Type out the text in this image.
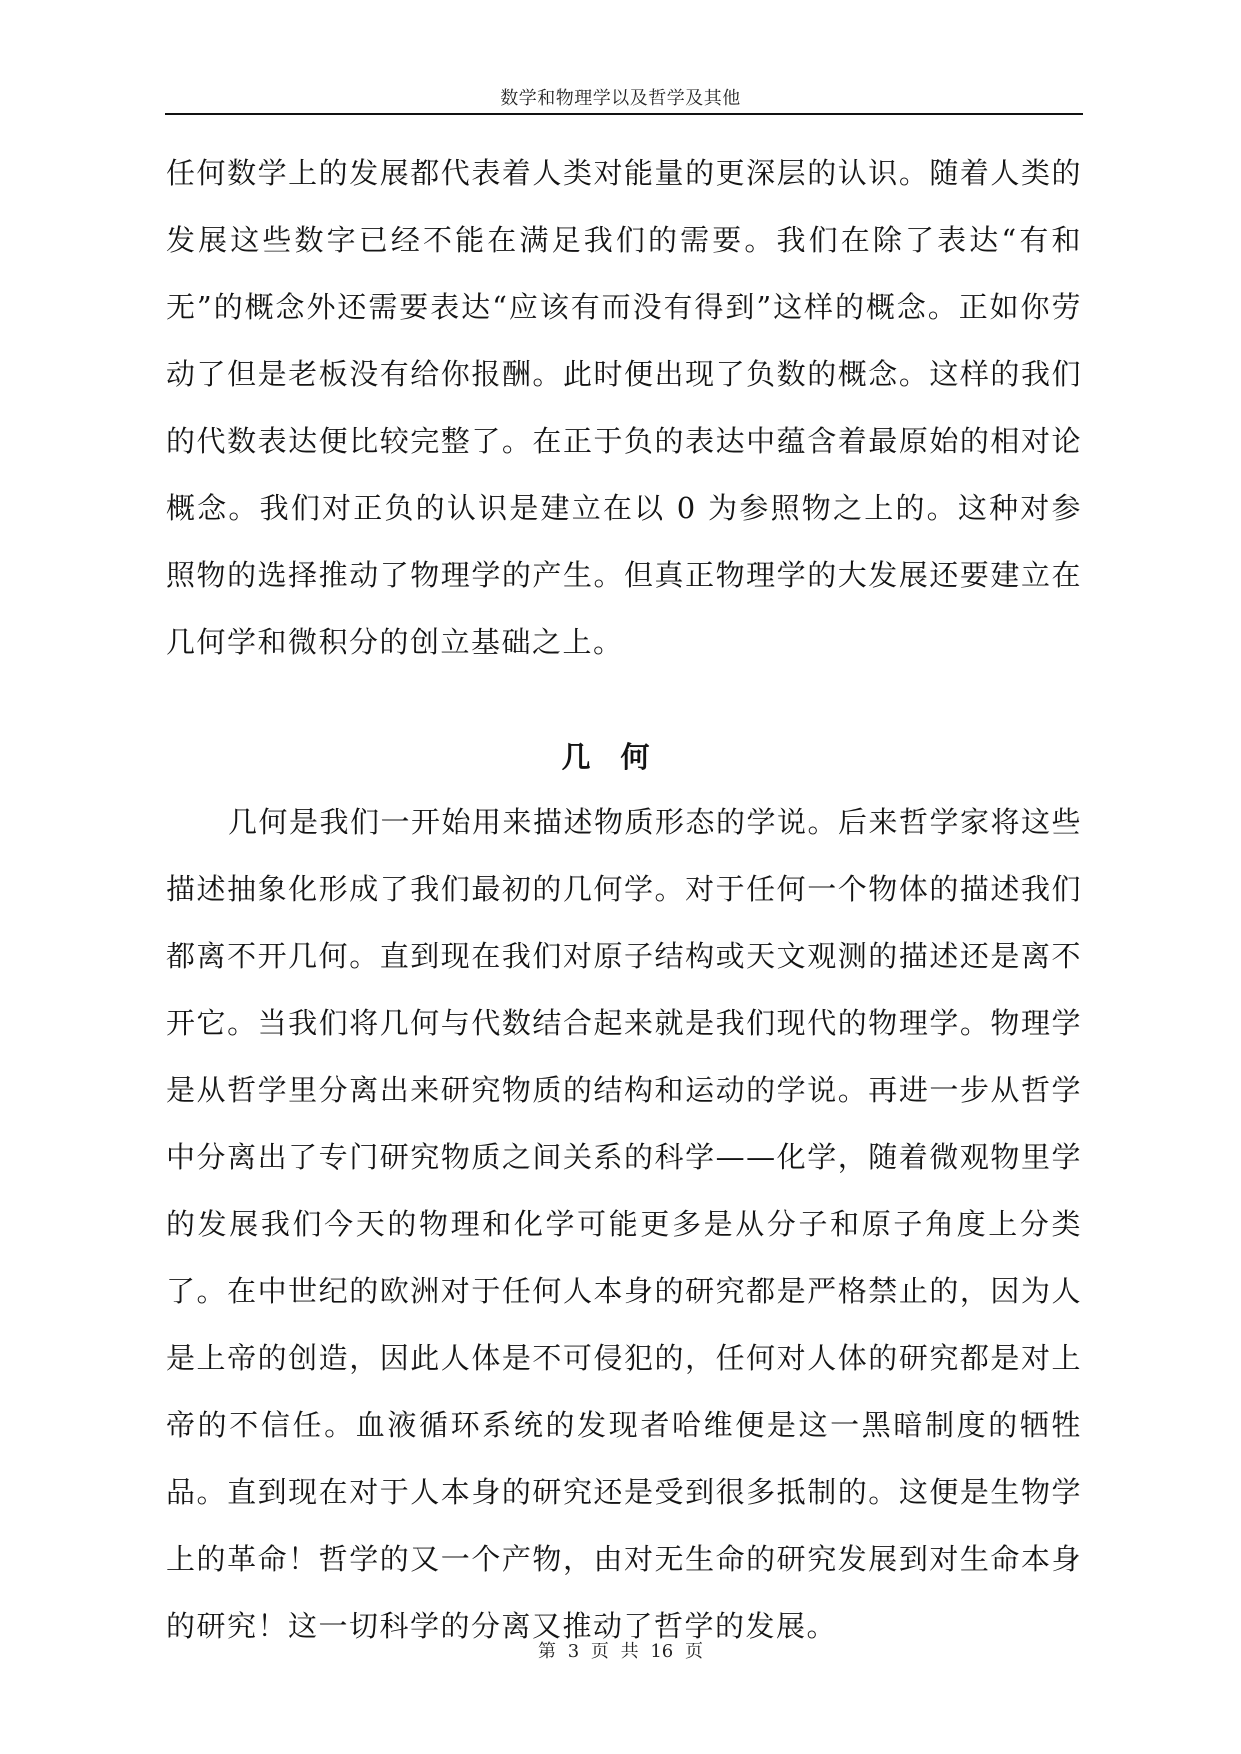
数学和物理学以及哲学及其他

任何数学上的发展都代表着人类对能量的更深层的认识。随着人类的发展这些数字已经不能在满足我们的需要。我们在除了表达“有和无”的概念外还需要表达“应该有而没有得到”这样的概念。正如你劳动了但是老板没有给你报酬。此时便出现了负数的概念。这样的我们的代数表达便比较完整了。在正于负的表达中蕴含着最原始的相对论概念。我们对正负的认识是建立在以 0 为参照物之上的。这种对参照物的选择推动了物理学的产生。但真正物理学的大发展还要建立在几何学和微积分的创立基础之上。

几何

几何是我们一开始用来描述物质形态的学说。后来哲学家将这些描述抽象化形成了我们最初的几何学。对于任何一个物体的描述我们都离不开几何。直到现在我们对原子结构或天文观测的描述还是离不开它。当我们将几何与代数结合起来就是我们现代的物理学。物理学是从哲学里分离出来研究物质的结构和运动的学说。再进一步从哲学中分离出了专门研究物质之间关系的科学——化学，随着微观物里学的发展我们今天的物理和化学可能更多是从分子和原子角度上分类了。在中世纪的欧洲对于任何人本身的研究都是严格禁止的，因为人是上帝的创造，因此人体是不可侵犯的，任何对人体的研究都是对上帝的不信任。血液循环系统的发现者哈维便是这一黑暗制度的牺牲品。直到现在对于人本身的研究还是受到很多抵制的。这便是生物学上的革命！哲学的又一个产物，由对无生命的研究发展到对生命本身的研究！这一切科学的分离又推动了哲学的发展。

第 3 页 共 16 页
